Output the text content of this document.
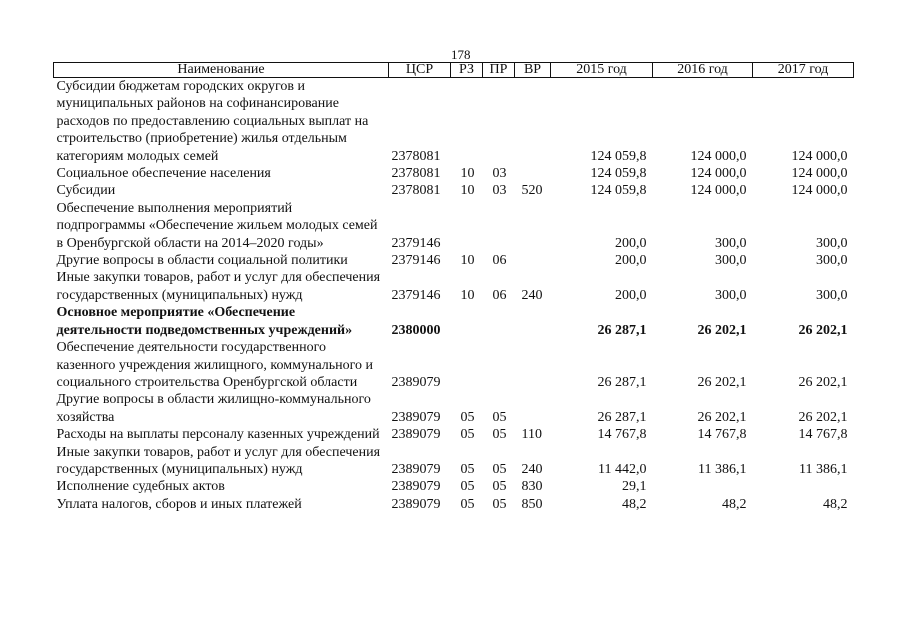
178
Наименование	ЦСР	РЗ	ПР	ВР	2015 год	2016 год	2017 год
Субсидии бюджетам городских округов и муниципальных районов на софинансирование расходов по предоставлению социальных выплат на строительство (приобретение) жилья отдельным категориям молодых семей	2378081				124 059,8	124 000,0	124 000,0
Социальное обеспечение населения	2378081	10	03		124 059,8	124 000,0	124 000,0
Субсидии	2378081	10	03	520	124 059,8	124 000,0	124 000,0
Обеспечение выполнения мероприятий подпрограммы «Обеспечение жильем молодых семей в Оренбургской области на 2014–2020 годы»	2379146				200,0	300,0	300,0
Другие вопросы в области социальной политики	2379146	10	06		200,0	300,0	300,0
Иные закупки товаров, работ и услуг для обеспечения государственных (муниципальных) нужд	2379146	10	06	240	200,0	300,0	300,0
Основное мероприятие «Обеспечение деятельности подведомственных учреждений»	2380000				26 287,1	26 202,1	26 202,1
Обеспечение деятельности государственного казенного учреждения жилищного, коммунального и социального строительства Оренбургской области	2389079				26 287,1	26 202,1	26 202,1
Другие вопросы в области жилищно-коммунального хозяйства	2389079	05	05		26 287,1	26 202,1	26 202,1
Расходы на выплаты персоналу казенных учреждений	2389079	05	05	110	14 767,8	14 767,8	14 767,8
Иные закупки товаров, работ и услуг для обеспечения государственных (муниципальных) нужд	2389079	05	05	240	11 442,0	11 386,1	11 386,1
Исполнение судебных актов	2389079	05	05	830	29,1		
Уплата налогов, сборов и иных платежей	2389079	05	05	850	48,2	48,2	48,2
